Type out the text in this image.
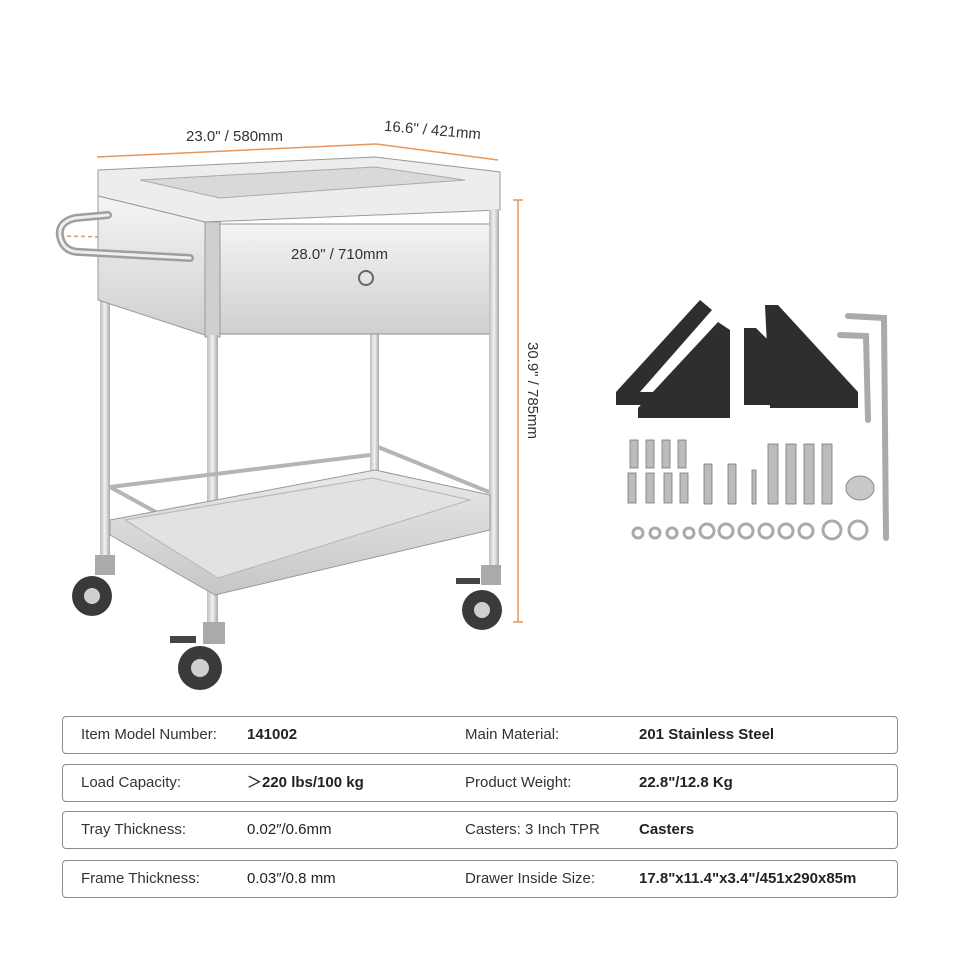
23.0" / 580mm	16.6" / 421mm
28.0" / 710mm
30.9" / 785mm
Item Model Number: 141002	Main Material:	201 Stainless Steel
Load Capacity:	＞220 lbs/100 kg	Product Weight:	22.8"/12.8 Kg
Tray Thickness:	0.02″/0.6mm	Casters: 3 Inch TPR	Casters
Frame Thickness:	0.03″/0.8 mm	Drawer Inside Size:	17.8"x11.4"x3.4"/451x290x85m
